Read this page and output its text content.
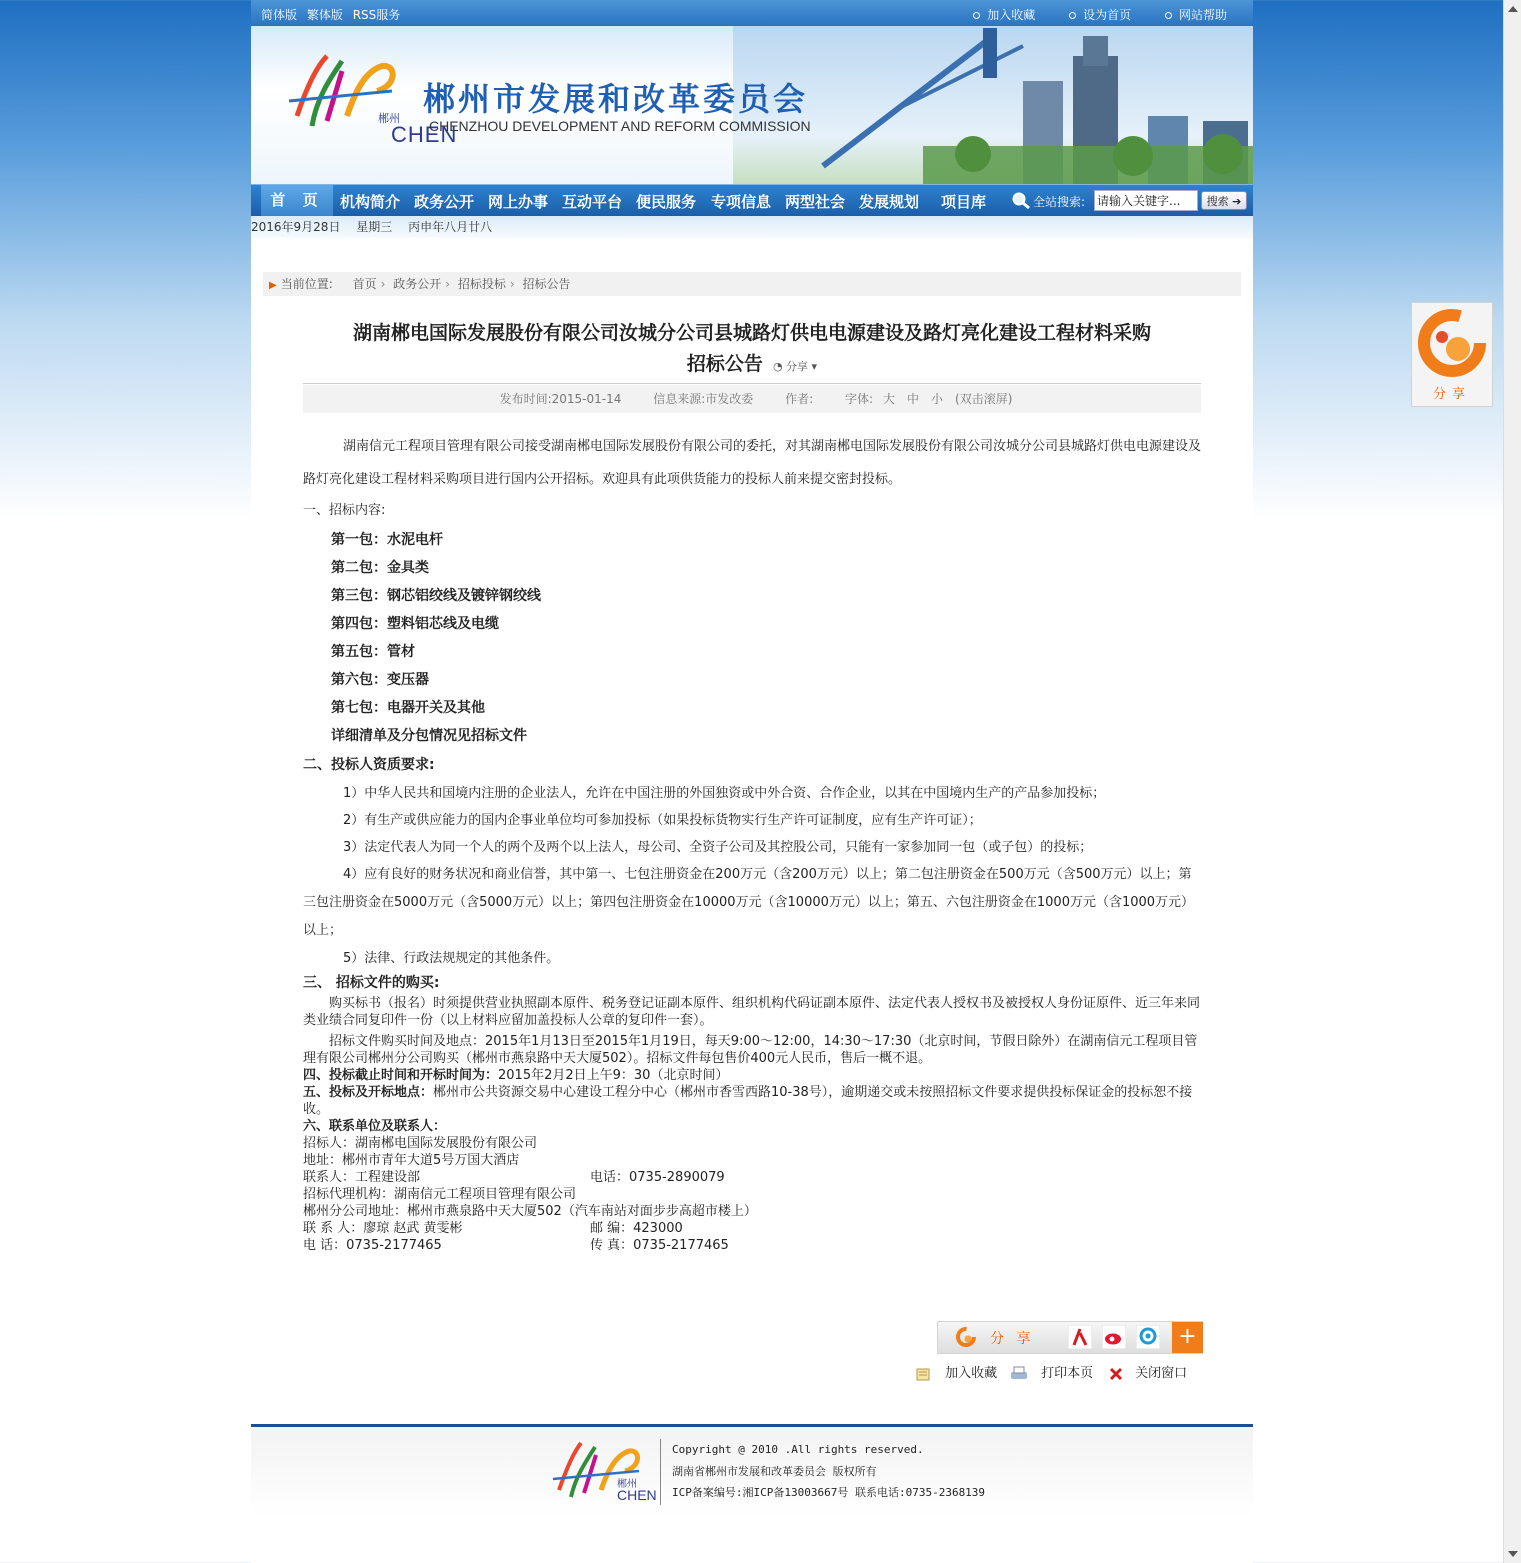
分享
简体版 繁体版 RSS服务	加入收藏	设为首页	网站帮助
郴州
CHEN
郴州市发展和改革委员会
CHENZHOU DEVELOPMENT AND REFORM COMMISSION
首 页	机构简介 政务公开 网上办事 互动平台 便民服务 专项信息 两型社会 发展规划 项目库	全站搜索:
请输入关键字...	搜索 ➔
2016年9月28日 星期三 丙申年八月廿八
▶ 当前位置: 首页 › 政务公开 › 招标投标 › 招标公告
湖南郴电国际发展股份有限公司汝城分公司县城路灯供电电源建设及路灯亮化建设工程材料采购
招标公告 ◔ 分享 ▾
发布时间:2015-01-14	信息来源:市发改委	作者:	字体: 大 中 小 (双击滚屏)

湖南信元工程项目管理有限公司接受湖南郴电国际发展股份有限公司的委托，对其湖南郴电国际发展股份有限公司汝城分公司县城路灯供电电源建设及路灯亮化建设工程材料采购项目进行国内公开招标。欢迎具有此项供货能力的投标人前来提交密封投标。

一、招标内容:

第一包：水泥电杆

第二包：金具类

第三包：钢芯铝绞线及镀锌钢绞线

第四包：塑料铝芯线及电缆

第五包：管材

第六包：变压器

第七包：电器开关及其他

详细清单及分包情况见招标文件

二、投标人资质要求:

1）中华人民共和国境内注册的企业法人，允许在中国注册的外国独资或中外合资、合作企业，以其在中国境内生产的产品参加投标；

2）有生产或供应能力的国内企事业单位均可参加投标（如果投标货物实行生产许可证制度，应有生产许可证）；

3）法定代表人为同一个人的两个及两个以上法人，母公司、全资子公司及其控股公司，只能有一家参加同一包（或子包）的投标；

4）应有良好的财务状况和商业信誉，其中第一、七包注册资金在200万元（含200万元）以上；第二包注册资金在500万元（含500万元）以上；第三包注册资金在5000万元（含5000万元）以上；第四包注册资金在10000万元（含10000万元）以上；第五、六包注册资金在1000万元（含1000万元）以上；

5）法律、行政法规规定的其他条件。

三、 招标文件的购买:

购买标书（报名）时须提供营业执照副本原件、税务登记证副本原件、组织机构代码证副本原件、法定代表人授权书及被授权人身份证原件、近三年来同类业绩合同复印件一份（以上材料应留加盖投标人公章的复印件一套）。

招标文件购买时间及地点：2015年1月13日至2015年1月19日，每天9:00～12:00，14:30～17:30（北京时间，节假日除外）在湖南信元工程项目管理有限公司郴州分公司购买（郴州市燕泉路中天大厦502）。招标文件每包售价400元人民币，售后一概不退。

四、投标截止时间和开标时间为：2015年2月2日上午9：30（北京时间）

五、投标及开标地点：郴州市公共资源交易中心建设工程分中心（郴州市香雪西路10-38号），逾期递交或未按照招标文件要求提供投标保证金的投标恕不接收。

六、联系单位及联系人：

招标人：湖南郴电国际发展股份有限公司

地址：郴州市青年大道5号万国大酒店

联系人：工程建设部	电话：0735-2890079

招标代理机构：湖南信元工程项目管理有限公司

郴州分公司地址：郴州市燕泉路中天大厦502（汽车南站对面步步高超市楼上）

联 系 人：廖琼 赵武 黄雯彬	邮 编：423000

电 话：0735-2177465	传 真：0735-2177465

分 享	+
加入收藏	打印本页	关闭窗口
郴州
CHEN
Copyright @ 2010 .All rights reserved.
湖南省郴州市发展和改革委员会 版权所有
ICP备案编号:湘ICP备13003667号 联系电话:0735-2368139
